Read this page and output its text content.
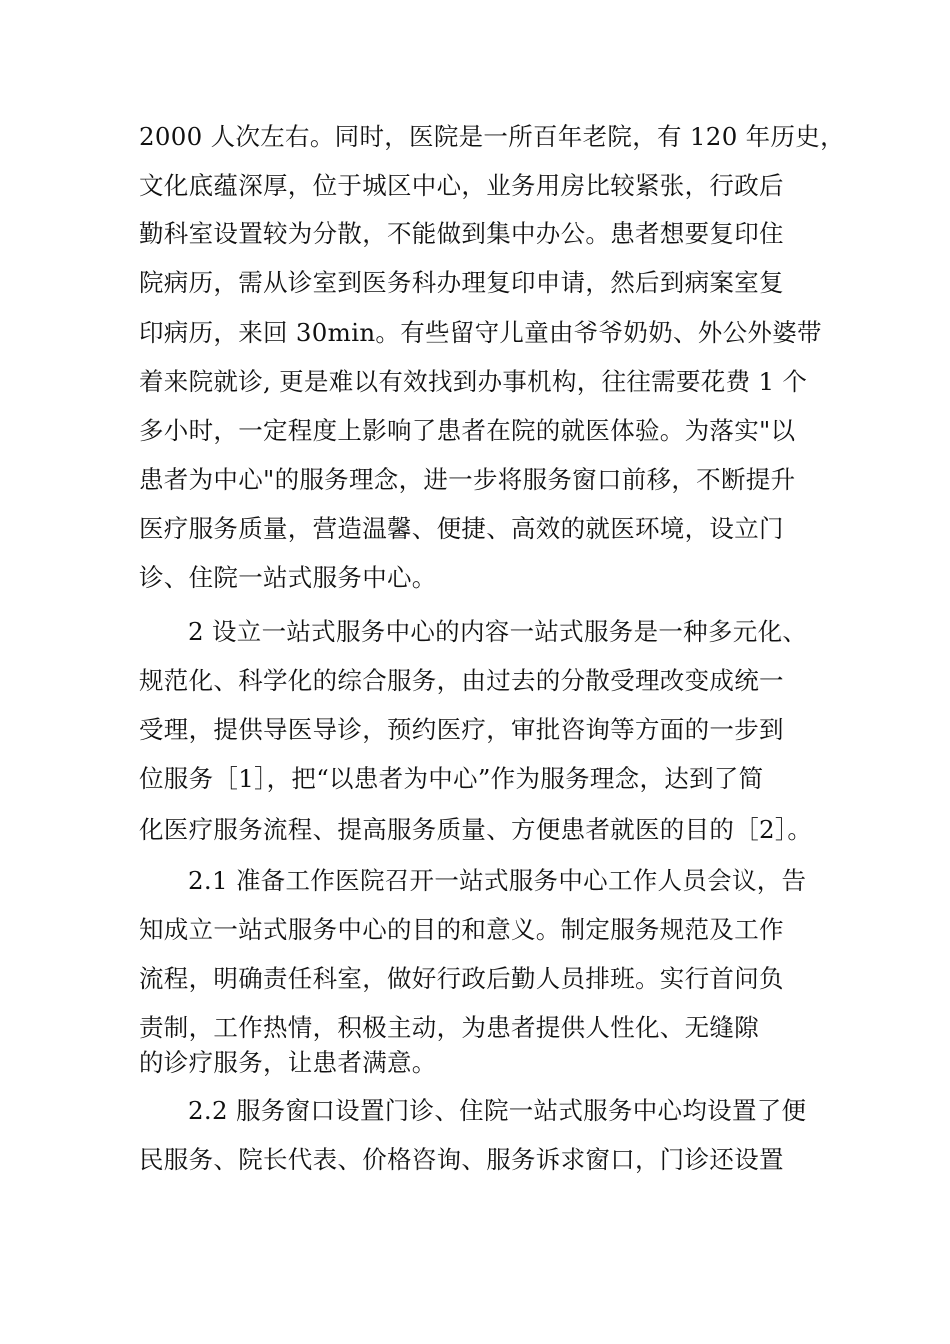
2000 人次左右。同时，医院是一所百年老院，有 120 年历史，
文化底蕴深厚，位于城区中心，业务用房比较紧张，行政后
勤科室设置较为分散，不能做到集中办公。患者想要复印住
院病历，需从诊室到医务科办理复印申请，然后到病案室复
印病历，来回 30min。有些留守儿童由爷爷奶奶、外公外婆带
着来院就诊, 更是难以有效找到办事机构，往往需要花费 1 个
多小时，一定程度上影响了患者在院的就医体验。为落实"以
患者为中心"的服务理念，进一步将服务窗口前移，不断提升
医疗服务质量，营造温馨、便捷、高效的就医环境，设立门
诊、住院一站式服务中心。
2 设立一站式服务中心的内容一站式服务是一种多元化、
规范化、科学化的综合服务，由过去的分散受理改变成统一
受理，提供导医导诊，预约医疗，审批咨询等方面的一步到
位服务［1］，把“以患者为中心”作为服务理念，达到了简
化医疗服务流程、提高服务质量、方便患者就医的目的［2］。
2.1 准备工作医院召开一站式服务中心工作人员会议，告
知成立一站式服务中心的目的和意义。制定服务规范及工作
流程，明确责任科室，做好行政后勤人员排班。实行首问负
责制，工作热情，积极主动，为患者提供人性化、无缝隙
的诊疗服务，让患者满意。
2.2 服务窗口设置门诊、住院一站式服务中心均设置了便
民服务、院长代表、价格咨询、服务诉求窗口，门诊还设置
